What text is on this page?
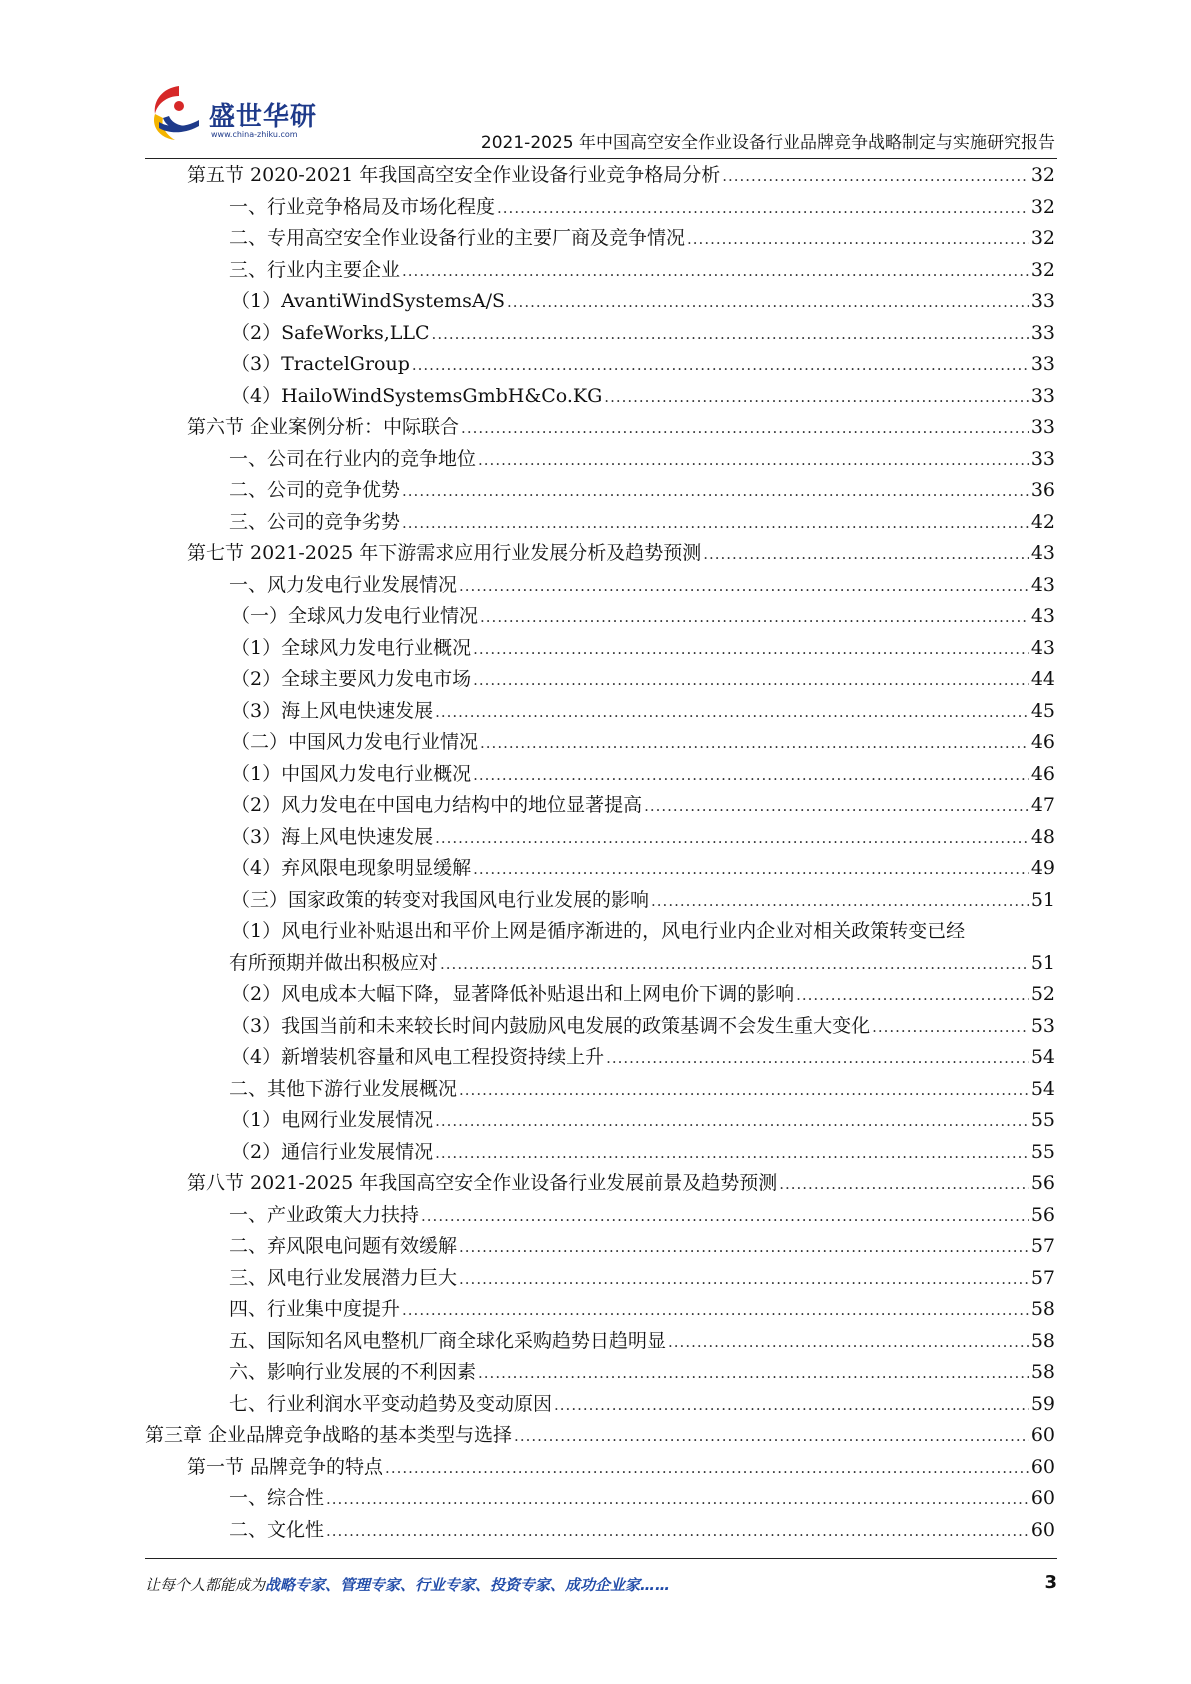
盛世华研
www.china-zhiku.com	2021-2025 年中国高空安全作业设备行业品牌竞争战略制定与实施研究报告
第五节 2020-2021 年我国高空安全作业设备行业竞争格局分析 .....	32
一、行业竞争格局及市场化程度 .....	32
二、专用高空安全作业设备行业的主要厂商及竞争情况 .....	32
三、行业内主要企业 .....	32
（1）AvantiWindSystemsA/S .....	33
（2）SafeWorks,LLC .....	33
（3）TractelGroup .....	33
（4）HailoWindSystemsGmbH&Co.KG .....	33
第六节 企业案例分析：中际联合 .....	33
一、公司在行业内的竞争地位 .....	33
二、公司的竞争优势 .....	36
三、公司的竞争劣势 .....	42
第七节 2021-2025 年下游需求应用行业发展分析及趋势预测 .....	43
一、风力发电行业发展情况 .....	43
（一）全球风力发电行业情况 .....	43
（1）全球风力发电行业概况 .....	43
（2）全球主要风力发电市场 .....	44
（3）海上风电快速发展 .....	45
（二）中国风力发电行业情况 .....	46
（1）中国风力发电行业概况 .....	46
（2）风力发电在中国电力结构中的地位显著提高 .....	47
（3）海上风电快速发展 .....	48
（4）弃风限电现象明显缓解 .....	49
（三）国家政策的转变对我国风电行业发展的影响 .....	51
（1）风电行业补贴退出和平价上网是循序渐进的，风电行业内企业对相关政策转变已经
有所预期并做出积极应对 .....	51
（2）风电成本大幅下降，显著降低补贴退出和上网电价下调的影响 .....	52
（3）我国当前和未来较长时间内鼓励风电发展的政策基调不会发生重大变化 .....	53
（4）新增装机容量和风电工程投资持续上升 .....	54
二、其他下游行业发展概况 .....	54
（1）电网行业发展情况 .....	55
（2）通信行业发展情况 .....	55
第八节 2021-2025 年我国高空安全作业设备行业发展前景及趋势预测 .....	56
一、产业政策大力扶持 .....	56
二、弃风限电问题有效缓解 .....	57
三、风电行业发展潜力巨大 .....	57
四、行业集中度提升 .....	58
五、国际知名风电整机厂商全球化采购趋势日趋明显 .....	58
六、影响行业发展的不利因素 .....	58
七、行业利润水平变动趋势及变动原因 .....	59
第三章 企业品牌竞争战略的基本类型与选择 .....	60
第一节 品牌竞争的特点 .....	60
一、综合性 .....	60
二、文化性 .....	60
让每个人都能成为战略专家、管理专家、行业专家、投资专家、成功企业家……	3
